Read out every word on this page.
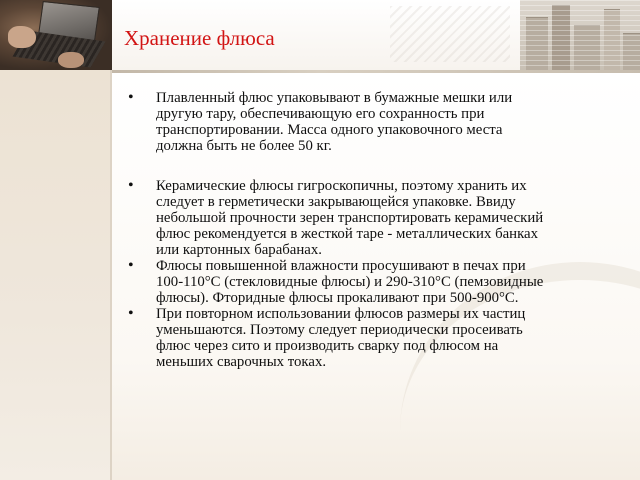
Хранение флюса
• Плавленный флюс упаковывают в бумажные мешки или другую тару, обеспечивающую его сохранность при транспортировании. Масса одного упаковочного места должна быть не более 50 кг.
• Керамические флюсы гигроскопичны, поэтому хранить их следует в герметически закрывающейся упаковке. Ввиду небольшой прочности зерен транспортировать керамический флюс рекомендуется в жесткой таре - металлических банках или картонных барабанах.
• Флюсы повышенной влажности просушивают в печах при 100-110°С (стекловидные флюсы) и 290-310°С (пемзовидные флюсы). Фторидные флюсы прокаливают при 500-900°С.
• При повторном использовании флюсов размеры их частиц уменьшаются. Поэтому следует периодически просеивать флюс через сито и производить сварку под флюсом на меньших сварочных токах.
